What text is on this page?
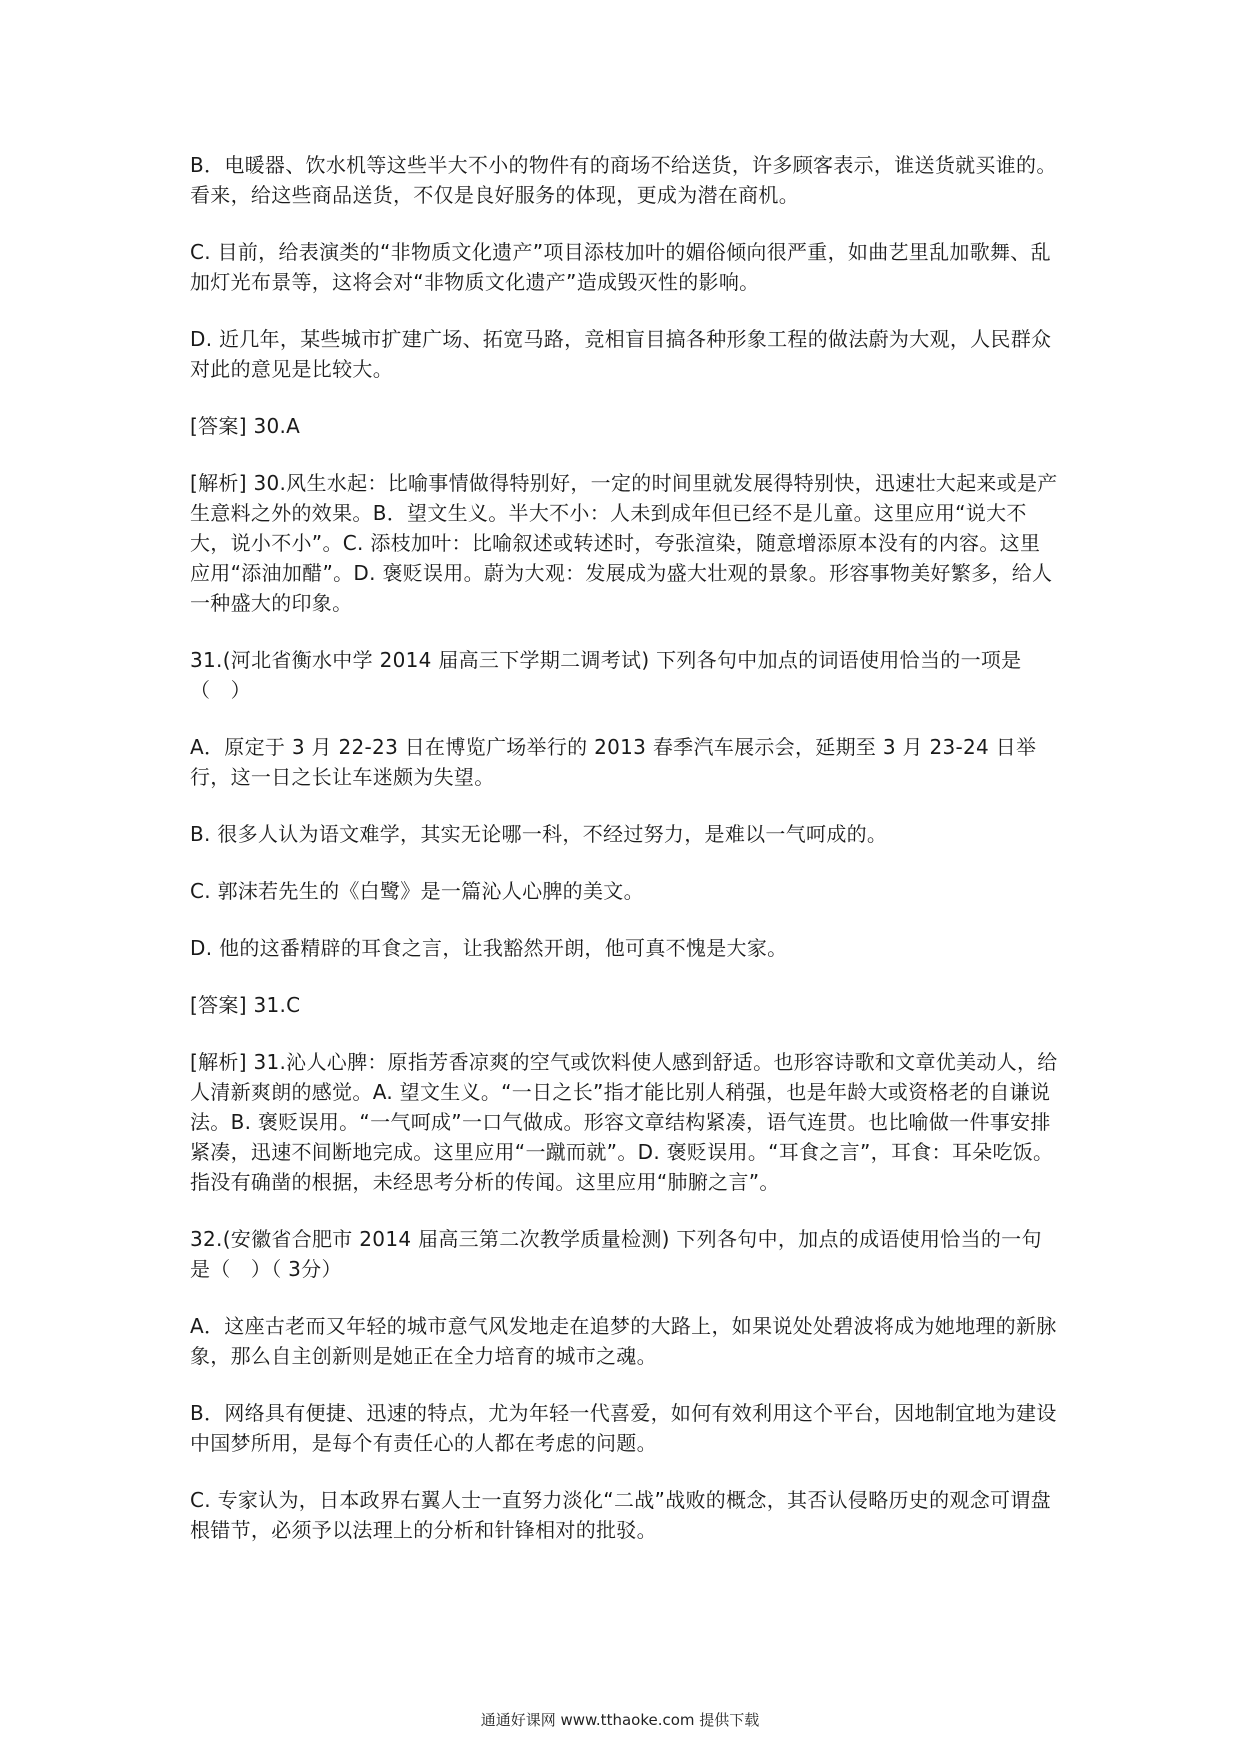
B．电暖器、饮水机等这些半大不小的物件有的商场不给送货，许多顾客表示，谁送货就买谁的。看来，给这些商品送货，不仅是良好服务的体现，更成为潜在商机。

C. 目前，给表演类的“非物质文化遗产”项目添枝加叶的媚俗倾向很严重，如曲艺里乱加歌舞、乱加灯光布景等，这将会对“非物质文化遗产”造成毁灭性的影响。

D. 近几年，某些城市扩建广场、拓宽马路，竞相盲目搞各种形象工程的做法蔚为大观，人民群众对此的意见是比较大。

[答案] 30.A

[解析] 30.风生水起：比喻事情做得特别好，一定的时间里就发展得特别快，迅速壮大起来或是产生意料之外的效果。B．望文生义。半大不小：人未到成年但已经不是儿童。这里应用“说大不大，说小不小”。C. 添枝加叶：比喻叙述或转述时，夸张渲染，随意增添原本没有的内容。这里应用“添油加醋”。D. 褒贬误用。蔚为大观：发展成为盛大壮观的景象。形容事物美好繁多，给人一种盛大的印象。

31.(河北省衡水中学 2014 届高三下学期二调考试) 下列各句中加点的词语使用恰当的一项是（　）

A．原定于 3 月 22-23 日在博览广场举行的 2013 春季汽车展示会，延期至 3 月 23-24 日举行，这一日之长让车迷颇为失望。

B. 很多人认为语文难学，其实无论哪一科，不经过努力，是难以一气呵成的。

C. 郭沫若先生的《白鹭》是一篇沁人心脾的美文。

D. 他的这番精辟的耳食之言，让我豁然开朗，他可真不愧是大家。

[答案] 31.C

[解析] 31.沁人心脾：原指芳香凉爽的空气或饮料使人感到舒适。也形容诗歌和文章优美动人，给人清新爽朗的感觉。A. 望文生义。“一日之长”指才能比别人稍强，也是年龄大或资格老的自谦说法。B. 褒贬误用。“一气呵成”一口气做成。形容文章结构紧凑，语气连贯。也比喻做一件事安排紧凑，迅速不间断地完成。这里应用“一蹴而就”。D. 褒贬误用。“耳食之言”，耳食：耳朵吃饭。指没有确凿的根据，未经思考分析的传闻。这里应用“肺腑之言”。

32.(安徽省合肥市 2014 届高三第二次教学质量检测) 下列各句中，加点的成语使用恰当的一句是（　）（ 3分）

A．这座古老而又年轻的城市意气风发地走在追梦的大路上，如果说处处碧波将成为她地理的新脉象，那么自主创新则是她正在全力培育的城市之魂。

B．网络具有便捷、迅速的特点，尤为年轻一代喜爱，如何有效利用这个平台，因地制宜地为建设中国梦所用，是每个有责任心的人都在考虑的问题。

C. 专家认为，日本政界右翼人士一直努力淡化“二战”战败的概念，其否认侵略历史的观念可谓盘根错节，必须予以法理上的分析和针锋相对的批驳。

通通好课网 www.tthaoke.com 提供下载
